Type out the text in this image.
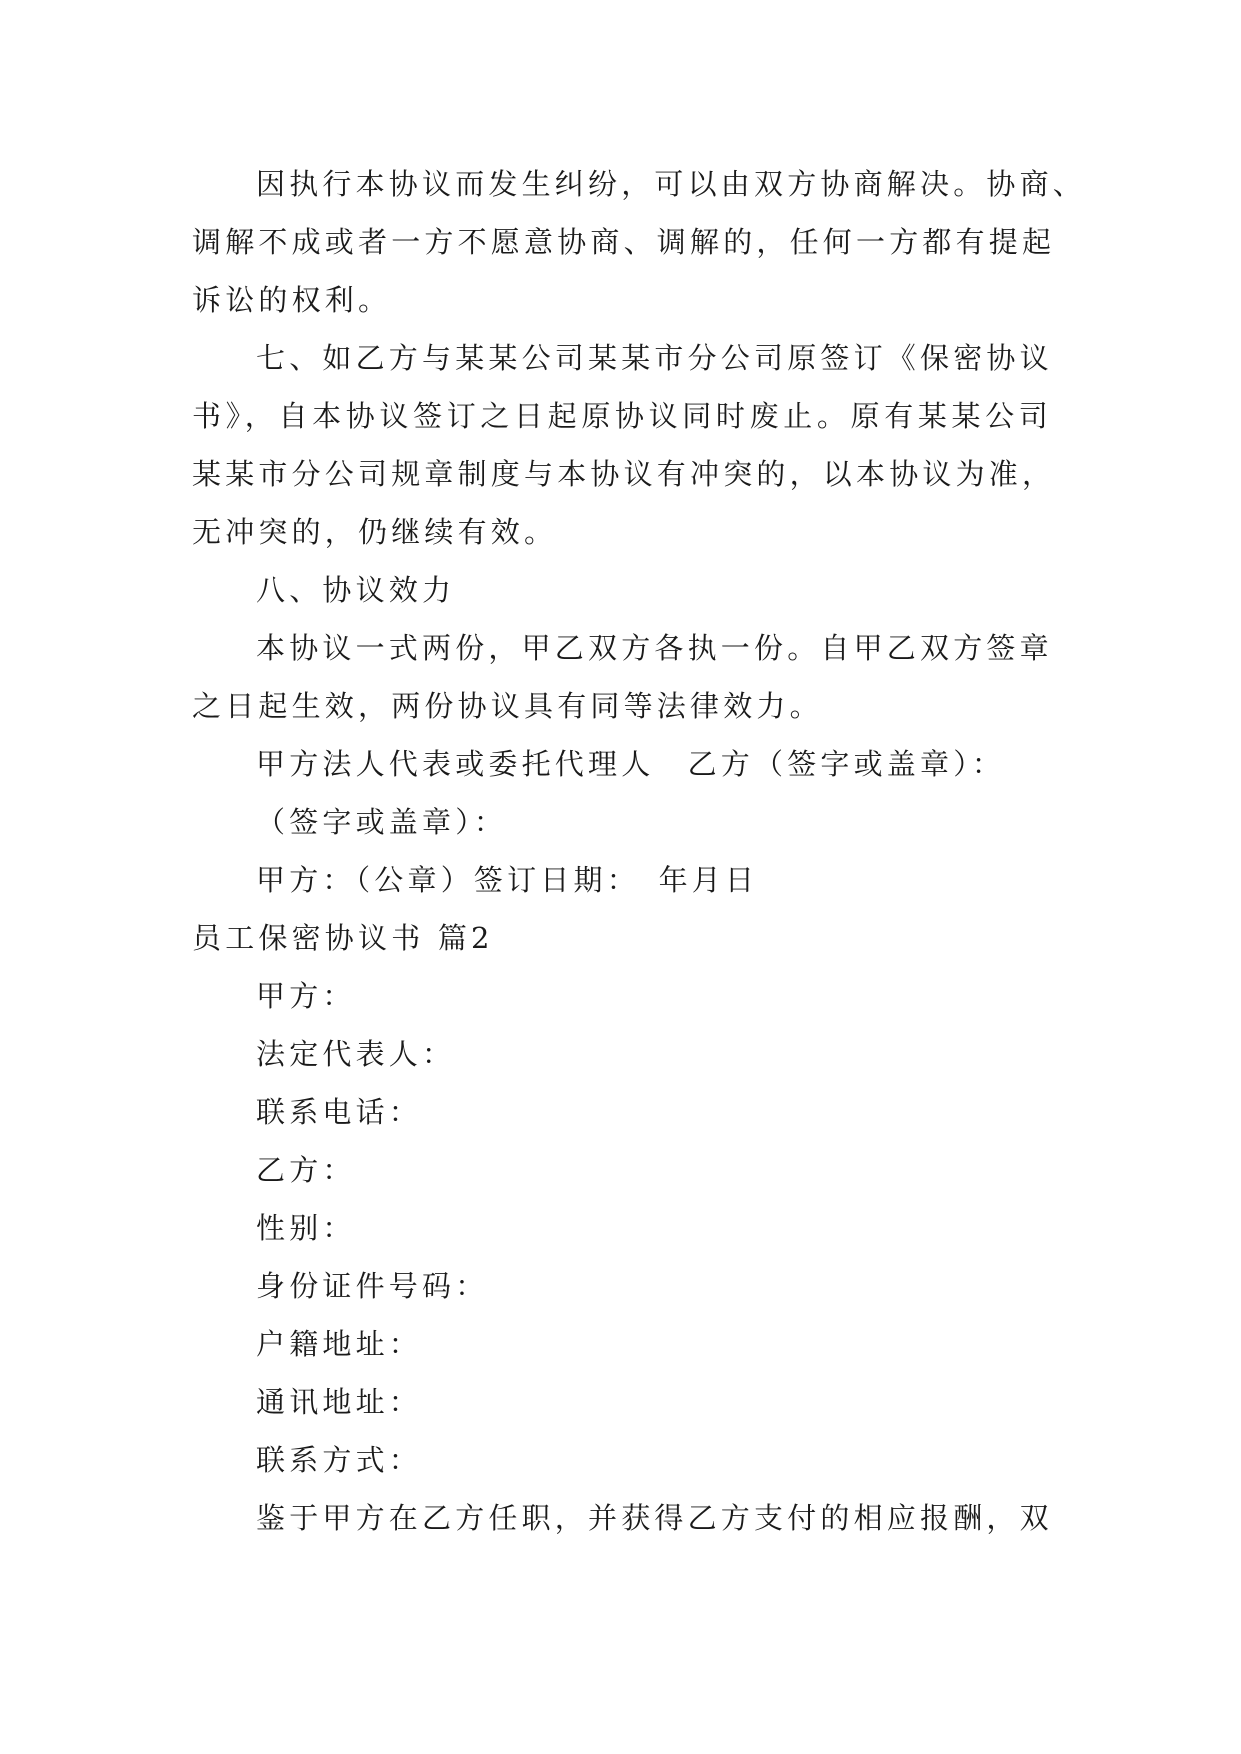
因执行本协议而发生纠纷，可以由双方协商解决。协商、
调解不成或者一方不愿意协商、调解的，任何一方都有提起
诉讼的权利。
七、如乙方与某某公司某某市分公司原签订《保密协议
书》，自本协议签订之日起原协议同时废止。原有某某公司
某某市分公司规章制度与本协议有冲突的，以本协议为准，
无冲突的，仍继续有效。
八、协议效力
本协议一式两份，甲乙双方各执一份。自甲乙双方签章
之日起生效，两份协议具有同等法律效力。
甲方法人代表或委托代理人　乙方（签字或盖章）：
（签字或盖章）：
甲方：（公章）签订日期：　年月日
员工保密协议书 篇2
甲方：
法定代表人：
联系电话：
乙方：
性别：
身份证件号码：
户籍地址：
通讯地址：
联系方式：
鉴于甲方在乙方任职，并获得乙方支付的相应报酬，双
